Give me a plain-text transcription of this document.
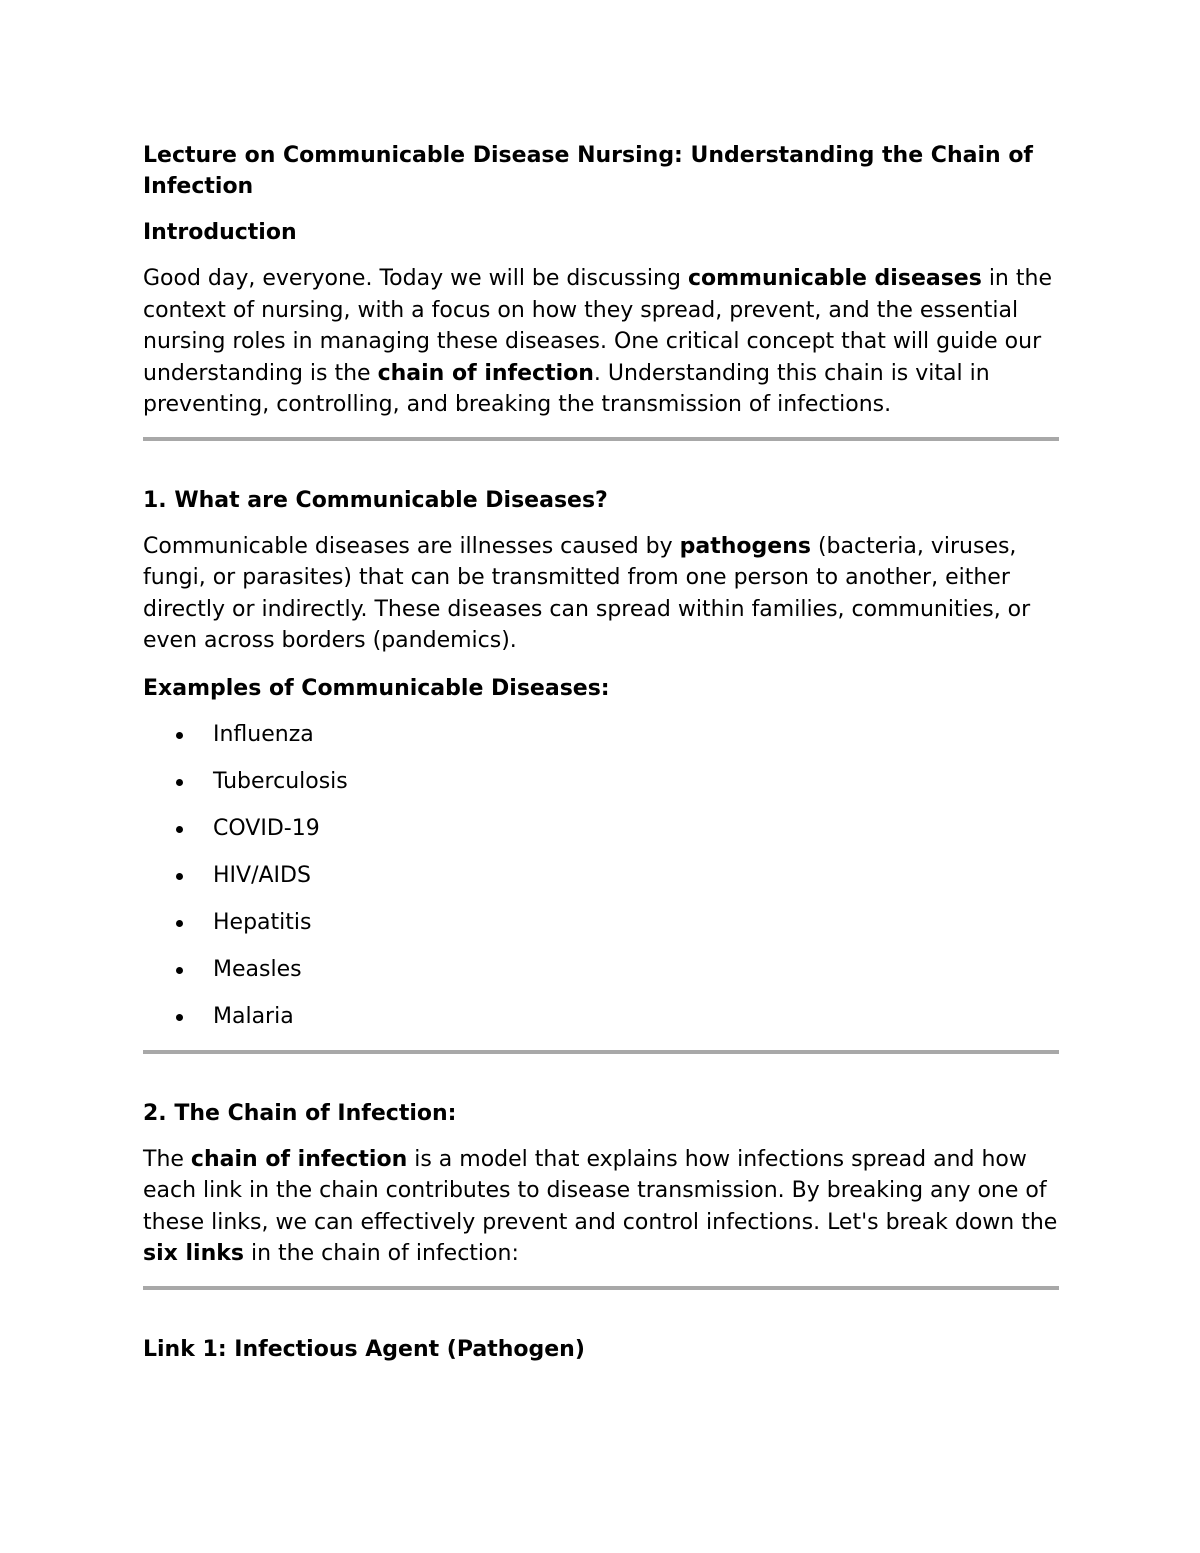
Lecture on Communicable Disease Nursing: Understanding the Chain of Infection
Introduction

Good day, everyone. Today we will be discussing communicable diseases in the context of nursing, with a focus on how they spread, prevent, and the essential nursing roles in managing these diseases. One critical concept that will guide our understanding is the chain of infection. Understanding this chain is vital in preventing, controlling, and breaking the transmission of infections.

1. What are Communicable Diseases?

Communicable diseases are illnesses caused by pathogens (bacteria, viruses, fungi, or parasites) that can be transmitted from one person to another, either directly or indirectly. These diseases can spread within families, communities, or even across borders (pandemics).

Examples of Communicable Diseases:
Influenza
Tuberculosis
COVID-19
HIV/AIDS
Hepatitis
Measles
Malaria
2. The Chain of Infection:

The chain of infection is a model that explains how infections spread and how each link in the chain contributes to disease transmission. By breaking any one of these links, we can effectively prevent and control infections. Let's break down the six links in the chain of infection:

Link 1: Infectious Agent (Pathogen)
